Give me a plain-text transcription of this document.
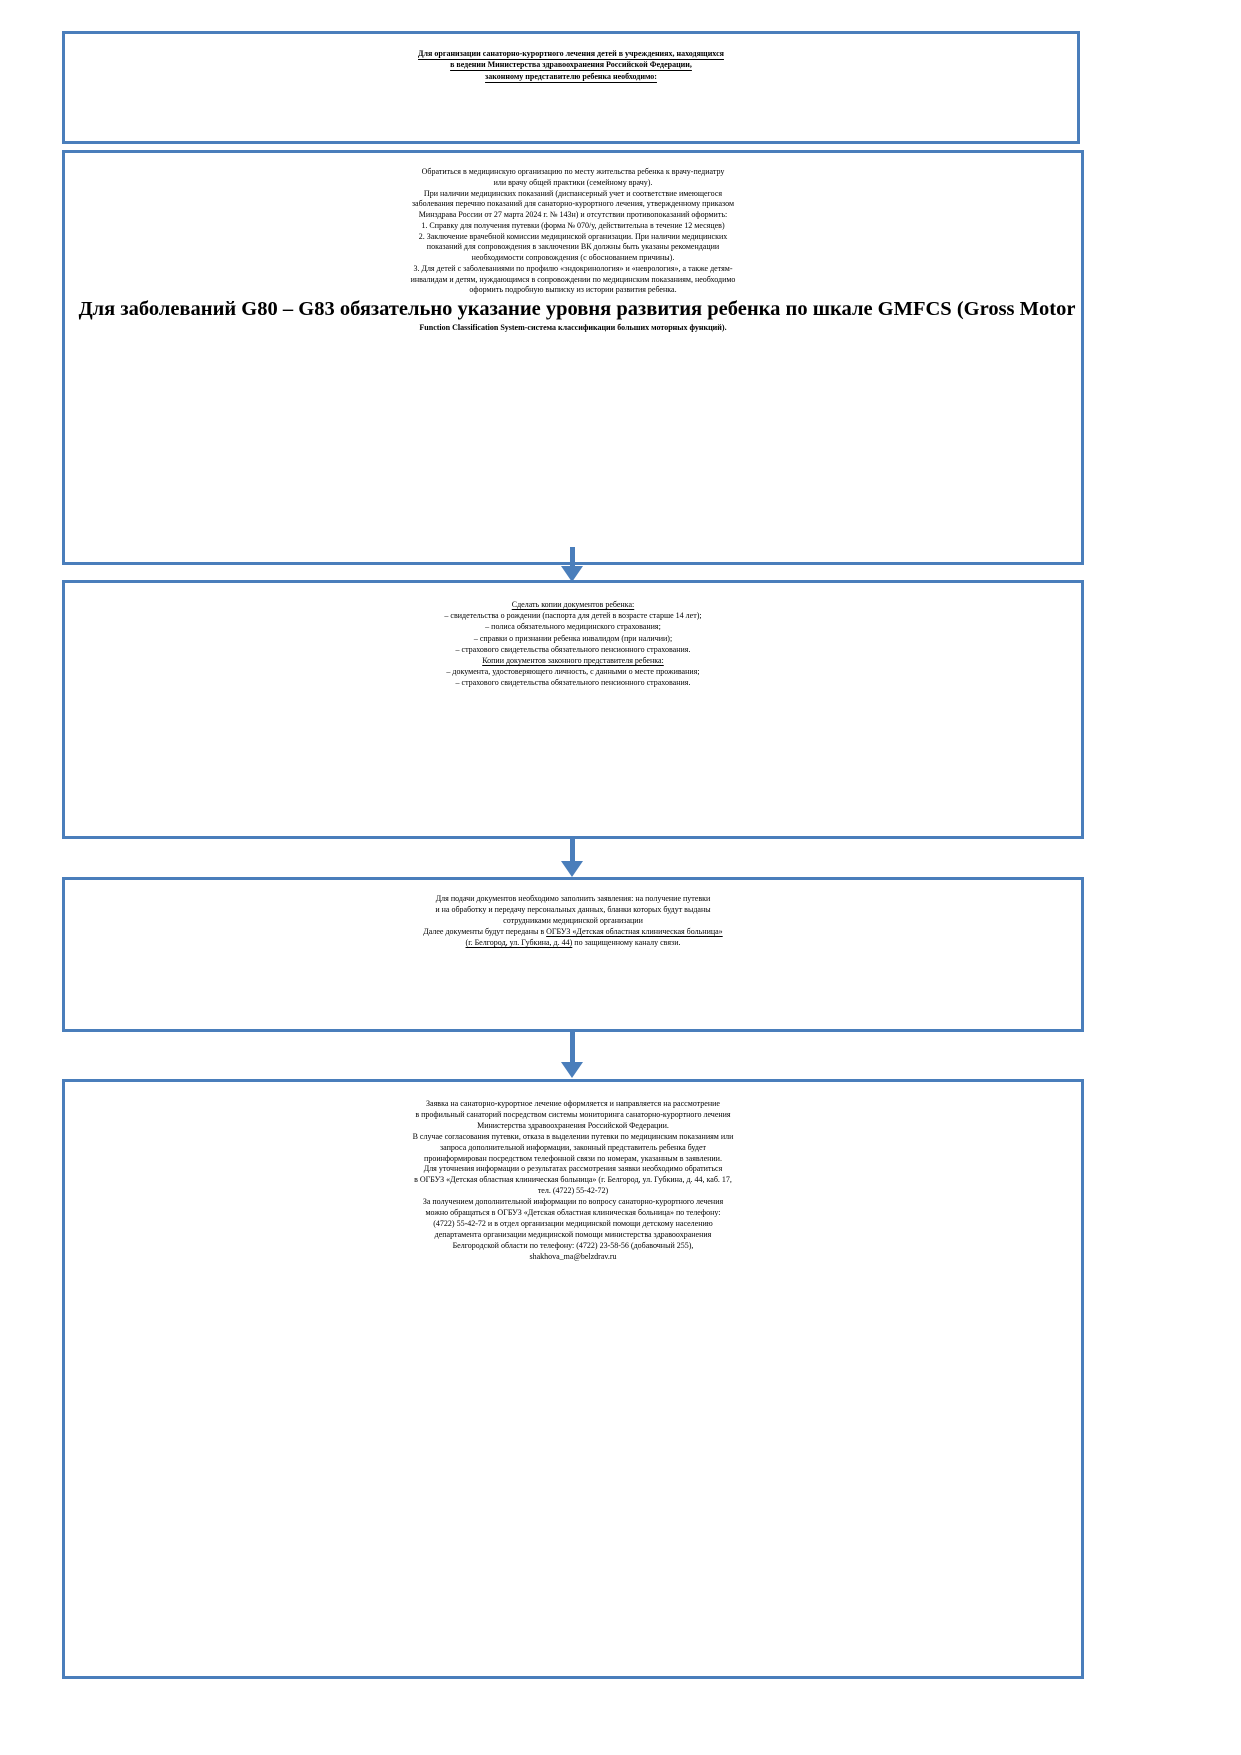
Для организации санаторно-курортного лечения детей в учреждениях, находящихся
в ведении Министерства здравоохранения Российской Федерации,
законному представителю ребенка необходимо:
Обратиться в медицинскую организацию по месту жительства ребенка к врачу-педиатру
или врачу общей практики (семейному врачу).
При наличии медицинских показаний (диспансерный учет и соответствие имеющегося
заболевания перечню показаний для санаторно-курортного лечения, утвержденному приказом
Минздрава России от 27 марта 2024 г. № 143н) и отсутствии противопоказаний оформить:
1. Справку для получения путевки (форма № 070/у, действительна в течение 12 месяцев)
2. Заключение врачебной комиссии медицинской организации. При наличии медицинских
показаний для сопровождения в заключении ВК должны быть указаны рекомендации
необходимости сопровождения (с обоснованием причины).
3. Для детей с заболеваниями по профилю «эндокринология» и «неврология», а также детям-
инвалидам и детям, нуждающимся в сопровождении по медицинским показаниям, необходимо
оформить подробную выписку из истории развития ребенка.
Для заболеваний G80 – G83 обязательно указание уровня развития ребенка по шкале GMFCS (Gross Motor
Function Classification System-система классификации больших моторных функций).
Сделать копии документов ребенка:
– свидетельства о рождении (паспорта для детей в возрасте старше 14 лет);
– полиса обязательного медицинского страхования;
– справки о признании ребенка инвалидом (при наличии);
– страхового свидетельства обязательного пенсионного страхования.
Копии документов законного представителя ребенка:
– документа, удостоверяющего личность, с данными о месте проживания;
– страхового свидетельства обязательного пенсионного страхования.
Для подачи документов необходимо заполнить заявления: на получение путевки
и на обработку и передачу персональных данных, бланки которых будут выданы
сотрудниками медицинской организации
Далее документы будут переданы в ОГБУЗ «Детская областная клиническая больница»
(г. Белгород, ул. Губкина, д. 44) по защищенному каналу связи.
Заявка на санаторно-курортное лечение оформляется и направляется на рассмотрение
в профильный санаторий посредством системы мониторинга санаторно-курортного лечения
Министерства здравоохранения Российской Федерации.
В случае согласования путевки, отказа в выделении путевки по медицинским показаниям или
запроса дополнительной информации, законный представитель ребенка будет
проинформирован посредством телефонной связи по номерам, указанным в заявлении.
Для уточнения информации о результатах рассмотрения заявки необходимо обратиться
в ОГБУЗ «Детская областная клиническая больница» (г. Белгород, ул. Губкина, д. 44, каб. 17,
тел. (4722) 55-42-72)
За получением дополнительной информации по вопросу санаторно-курортного лечения
можно обращаться в ОГБУЗ «Детская областная клиническая больница» по телефону:
(4722) 55-42-72 и в отдел организации медицинской помощи детскому населению
департамента организации медицинской помощи министерства здравоохранения
Белгородской области по телефону: (4722) 23-58-56 (добавочный 255),
shakhova_ma@belzdrav.ru
